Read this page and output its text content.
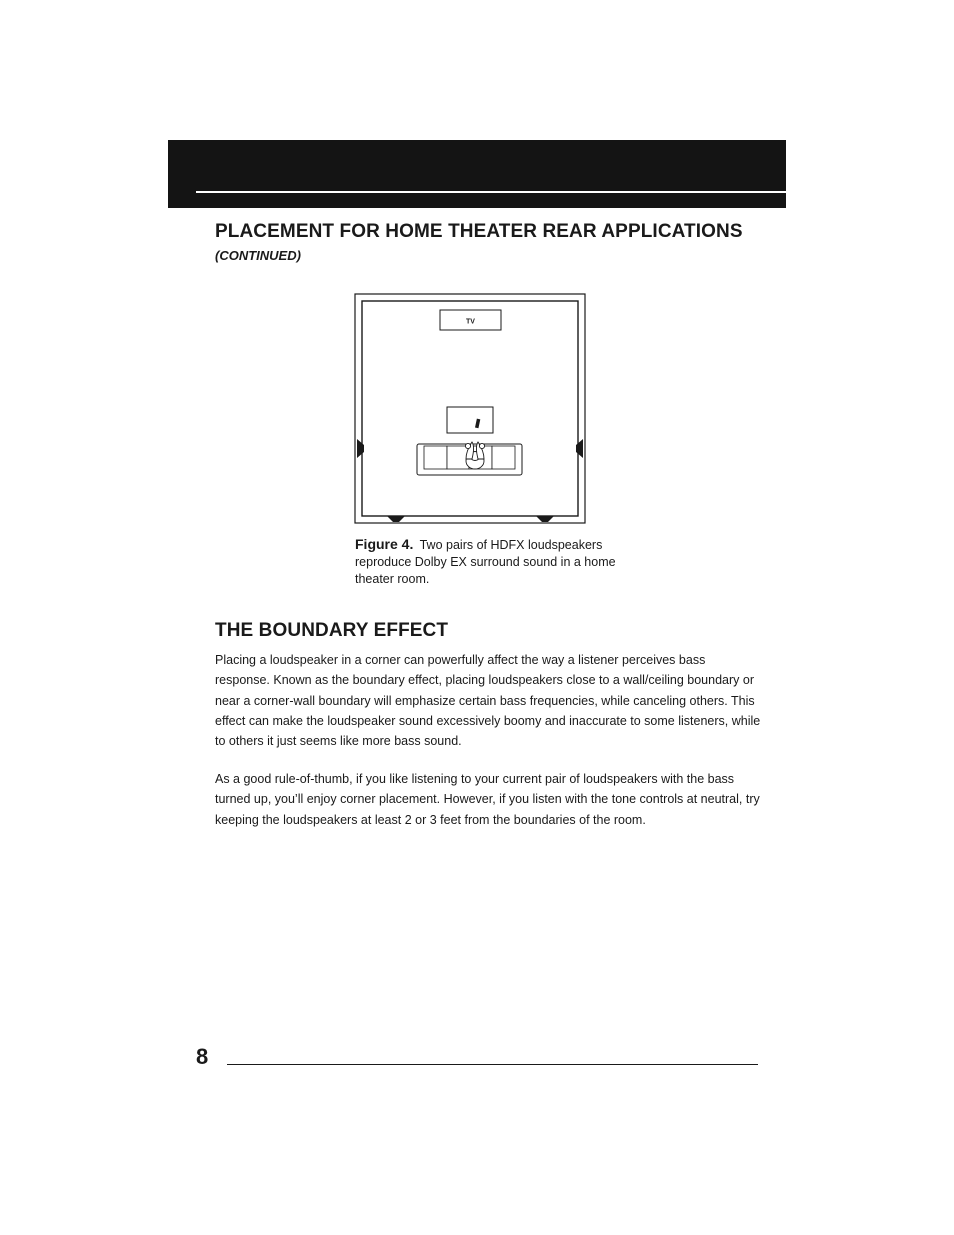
PLACEMENT FOR HOME THEATER REAR APPLICATIONS

(CONTINUED)

TV

Figure 4. Two pairs of HDFX loudspeakers reproduce Dolby EX surround sound in a home theater room.

THE BOUNDARY EFFECT

Placing a loudspeaker in a corner can powerfully affect the way a listener perceives bass response. Known as the boundary effect, placing loudspeakers close to a wall/ceiling boundary or near a corner-wall boundary will emphasize certain bass frequencies, while canceling others. This effect can make the loudspeaker sound excessively boomy and inaccurate to some listeners, while to others it just seems like more bass sound.

As a good rule-of-thumb, if you like listening to your current pair of loudspeakers with the bass turned up, you’ll enjoy corner placement. However, if you listen with the tone controls at neutral, try keeping the loudspeakers at least 2 or 3 feet from the boundaries of the room.

8
